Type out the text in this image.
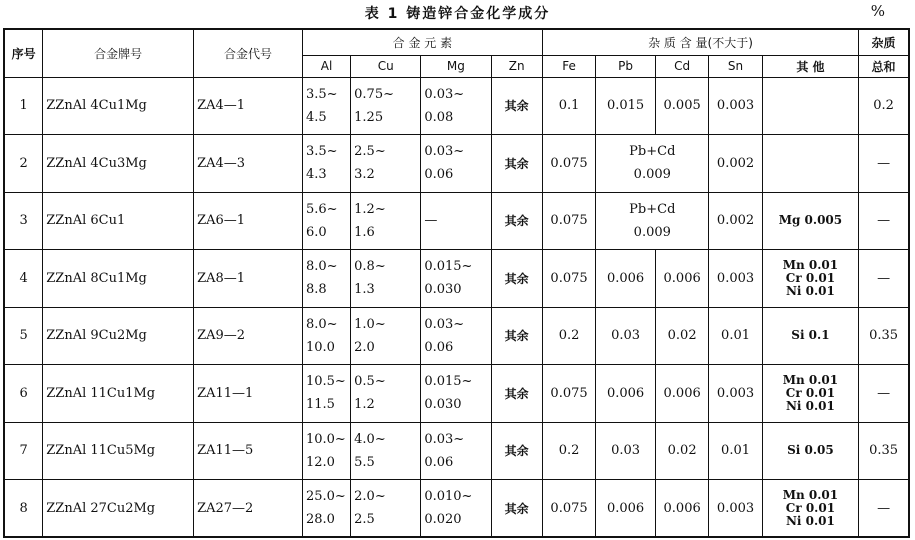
表 1 铸造锌合金化学成分	%
序号	合金牌号	合金代号	合 金 元 素				杂 质 含 量(不大于)					杂质
			Al	Cu	Mg	Zn	Fe	Pb	Cd	Sn	其 他	总和
1	ZZnAl 4Cu1Mg	ZA4—1	3.5~
4.5	0.75~
1.25	0.03~
0.08	其余	0.1	0.015	0.005	0.003		0.2
2	ZZnAl 4Cu3Mg	ZA4—3	3.5~
4.3	2.5~
3.2	0.03~
0.06	其余	0.075	Pb+Cd
0.009		0.002		—
3	ZZnAl 6Cu1	ZA6—1	5.6~
6.0	1.2~
1.6	—	其余	0.075	Pb+Cd
0.009		0.002	Mg 0.005	—
4	ZZnAl 8Cu1Mg	ZA8—1	8.0~
8.8	0.8~
1.3	0.015~
0.030	其余	0.075	0.006	0.006	0.003	Mn 0.01
Cr 0.01
Ni 0.01	—
5	ZZnAl 9Cu2Mg	ZA9—2	8.0~
10.0	1.0~
2.0	0.03~
0.06	其余	0.2	0.03	0.02	0.01	Si 0.1	0.35
6	ZZnAl 11Cu1Mg	ZA11—1	10.5~
11.5	0.5~
1.2	0.015~
0.030	其余	0.075	0.006	0.006	0.003	Mn 0.01
Cr 0.01
Ni 0.01	—
7	ZZnAl 11Cu5Mg	ZA11—5	10.0~
12.0	4.0~
5.5	0.03~
0.06	其余	0.2	0.03	0.02	0.01	Si 0.05	0.35
8	ZZnAl 27Cu2Mg	ZA27—2	25.0~
28.0	2.0~
2.5	0.010~
0.020	其余	0.075	0.006	0.006	0.003	Mn 0.01
Cr 0.01
Ni 0.01	—
